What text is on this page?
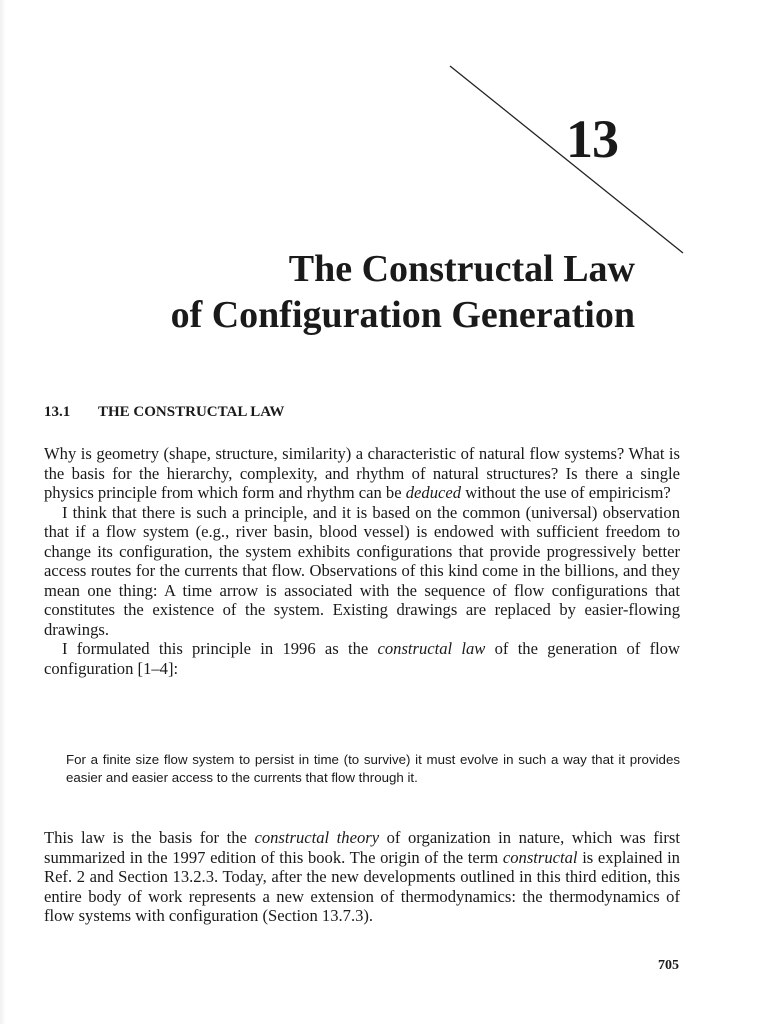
13
The Constructal Law
of Configuration Generation
13.1 THE CONSTRUCTAL LAW

Why is geometry (shape, structure, similarity) a characteristic of natural flow systems? What is the basis for the hierarchy, complexity, and rhythm of natural structures? Is there a single physics principle from which form and rhythm can be deduced without the use of empiricism?

I think that there is such a principle, and it is based on the common (universal) observation that if a flow system (e.g., river basin, blood vessel) is endowed with sufficient freedom to change its configuration, the system exhibits configurations that provide progressively better access routes for the currents that flow. Observations of this kind come in the billions, and they mean one thing: A time arrow is associated with the sequence of flow configurations that constitutes the existence of the system. Existing drawings are replaced by easier-flowing drawings.

I formulated this principle in 1996 as the constructal law of the generation of flow configuration [1–4]:

For a finite size flow system to persist in time (to survive) it must evolve in such a way that it provides easier and easier access to the currents that flow through it.

This law is the basis for the constructal theory of organization in nature, which was first summarized in the 1997 edition of this book. The origin of the term constructal is explained in Ref. 2 and Section 13.2.3. Today, after the new developments outlined in this third edition, this entire body of work represents a new extension of thermodynamics: the thermodynamics of flow systems with configuration (Section 13.7.3).

705
